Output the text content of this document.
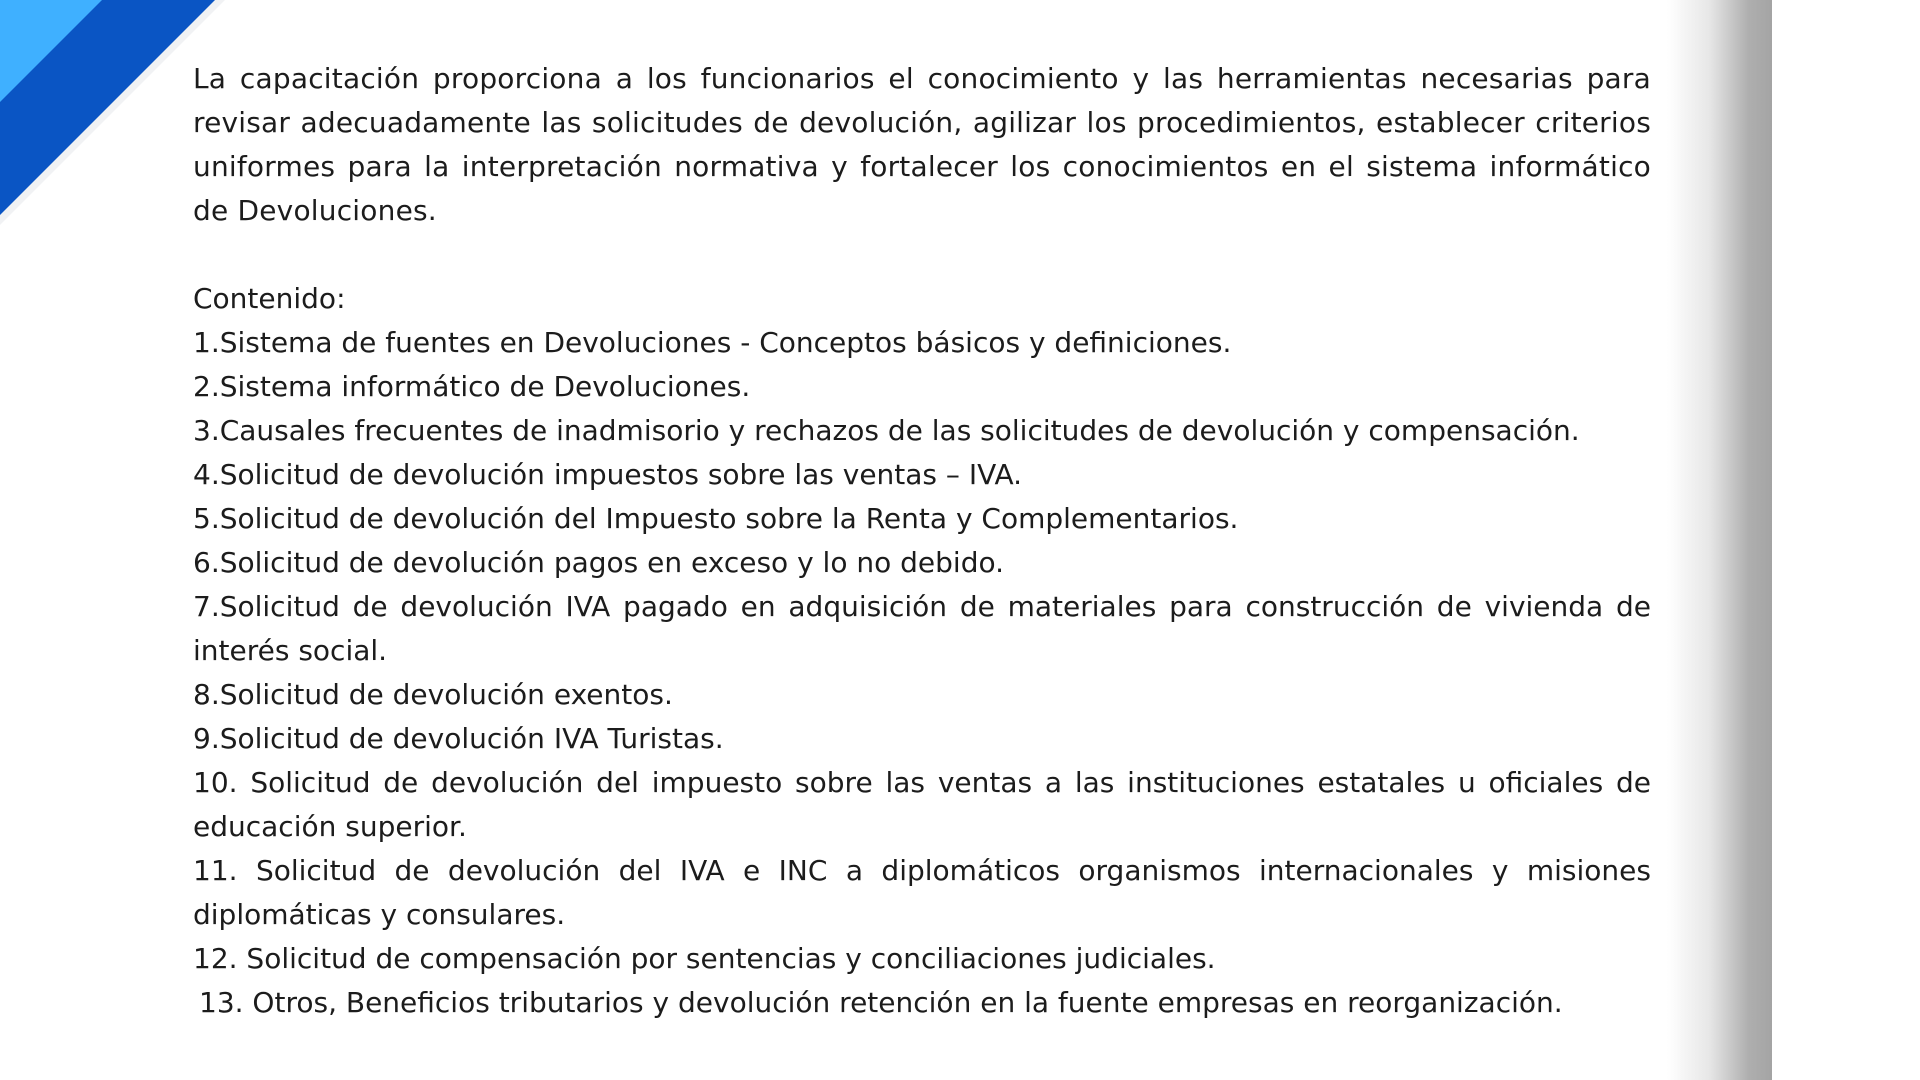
La capacitación proporciona a los funcionarios el conocimiento y las herramientas necesarias para revisar adecuadamente las solicitudes de devolución, agilizar los procedimientos, establecer criterios uniformes para la interpretación normativa y fortalecer los conocimientos en el sistema informático de Devoluciones.

Contenido:

1.Sistema de fuentes en Devoluciones - Conceptos básicos y definiciones.
2.Sistema informático de Devoluciones.
3.Causales frecuentes de inadmisorio y rechazos de las solicitudes de devolución y compensación.
4.Solicitud de devolución impuestos sobre las ventas – IVA.
5.Solicitud de devolución del Impuesto sobre la Renta y Complementarios.
6.Solicitud de devolución pagos en exceso y lo no debido.
7.Solicitud de devolución IVA pagado en adquisición de materiales para construcción de vivienda de interés social.
8.Solicitud de devolución exentos.
9.Solicitud de devolución IVA Turistas.
10. Solicitud de devolución del impuesto sobre las ventas a las instituciones estatales u oficiales de educación superior.
11. Solicitud de devolución del IVA e INC a diplomáticos organismos internacionales y misiones diplomáticas y consulares.
12. Solicitud de compensación por sentencias y conciliaciones judiciales.
13. Otros, Beneficios tributarios y devolución retención en la fuente empresas en reorganización.
